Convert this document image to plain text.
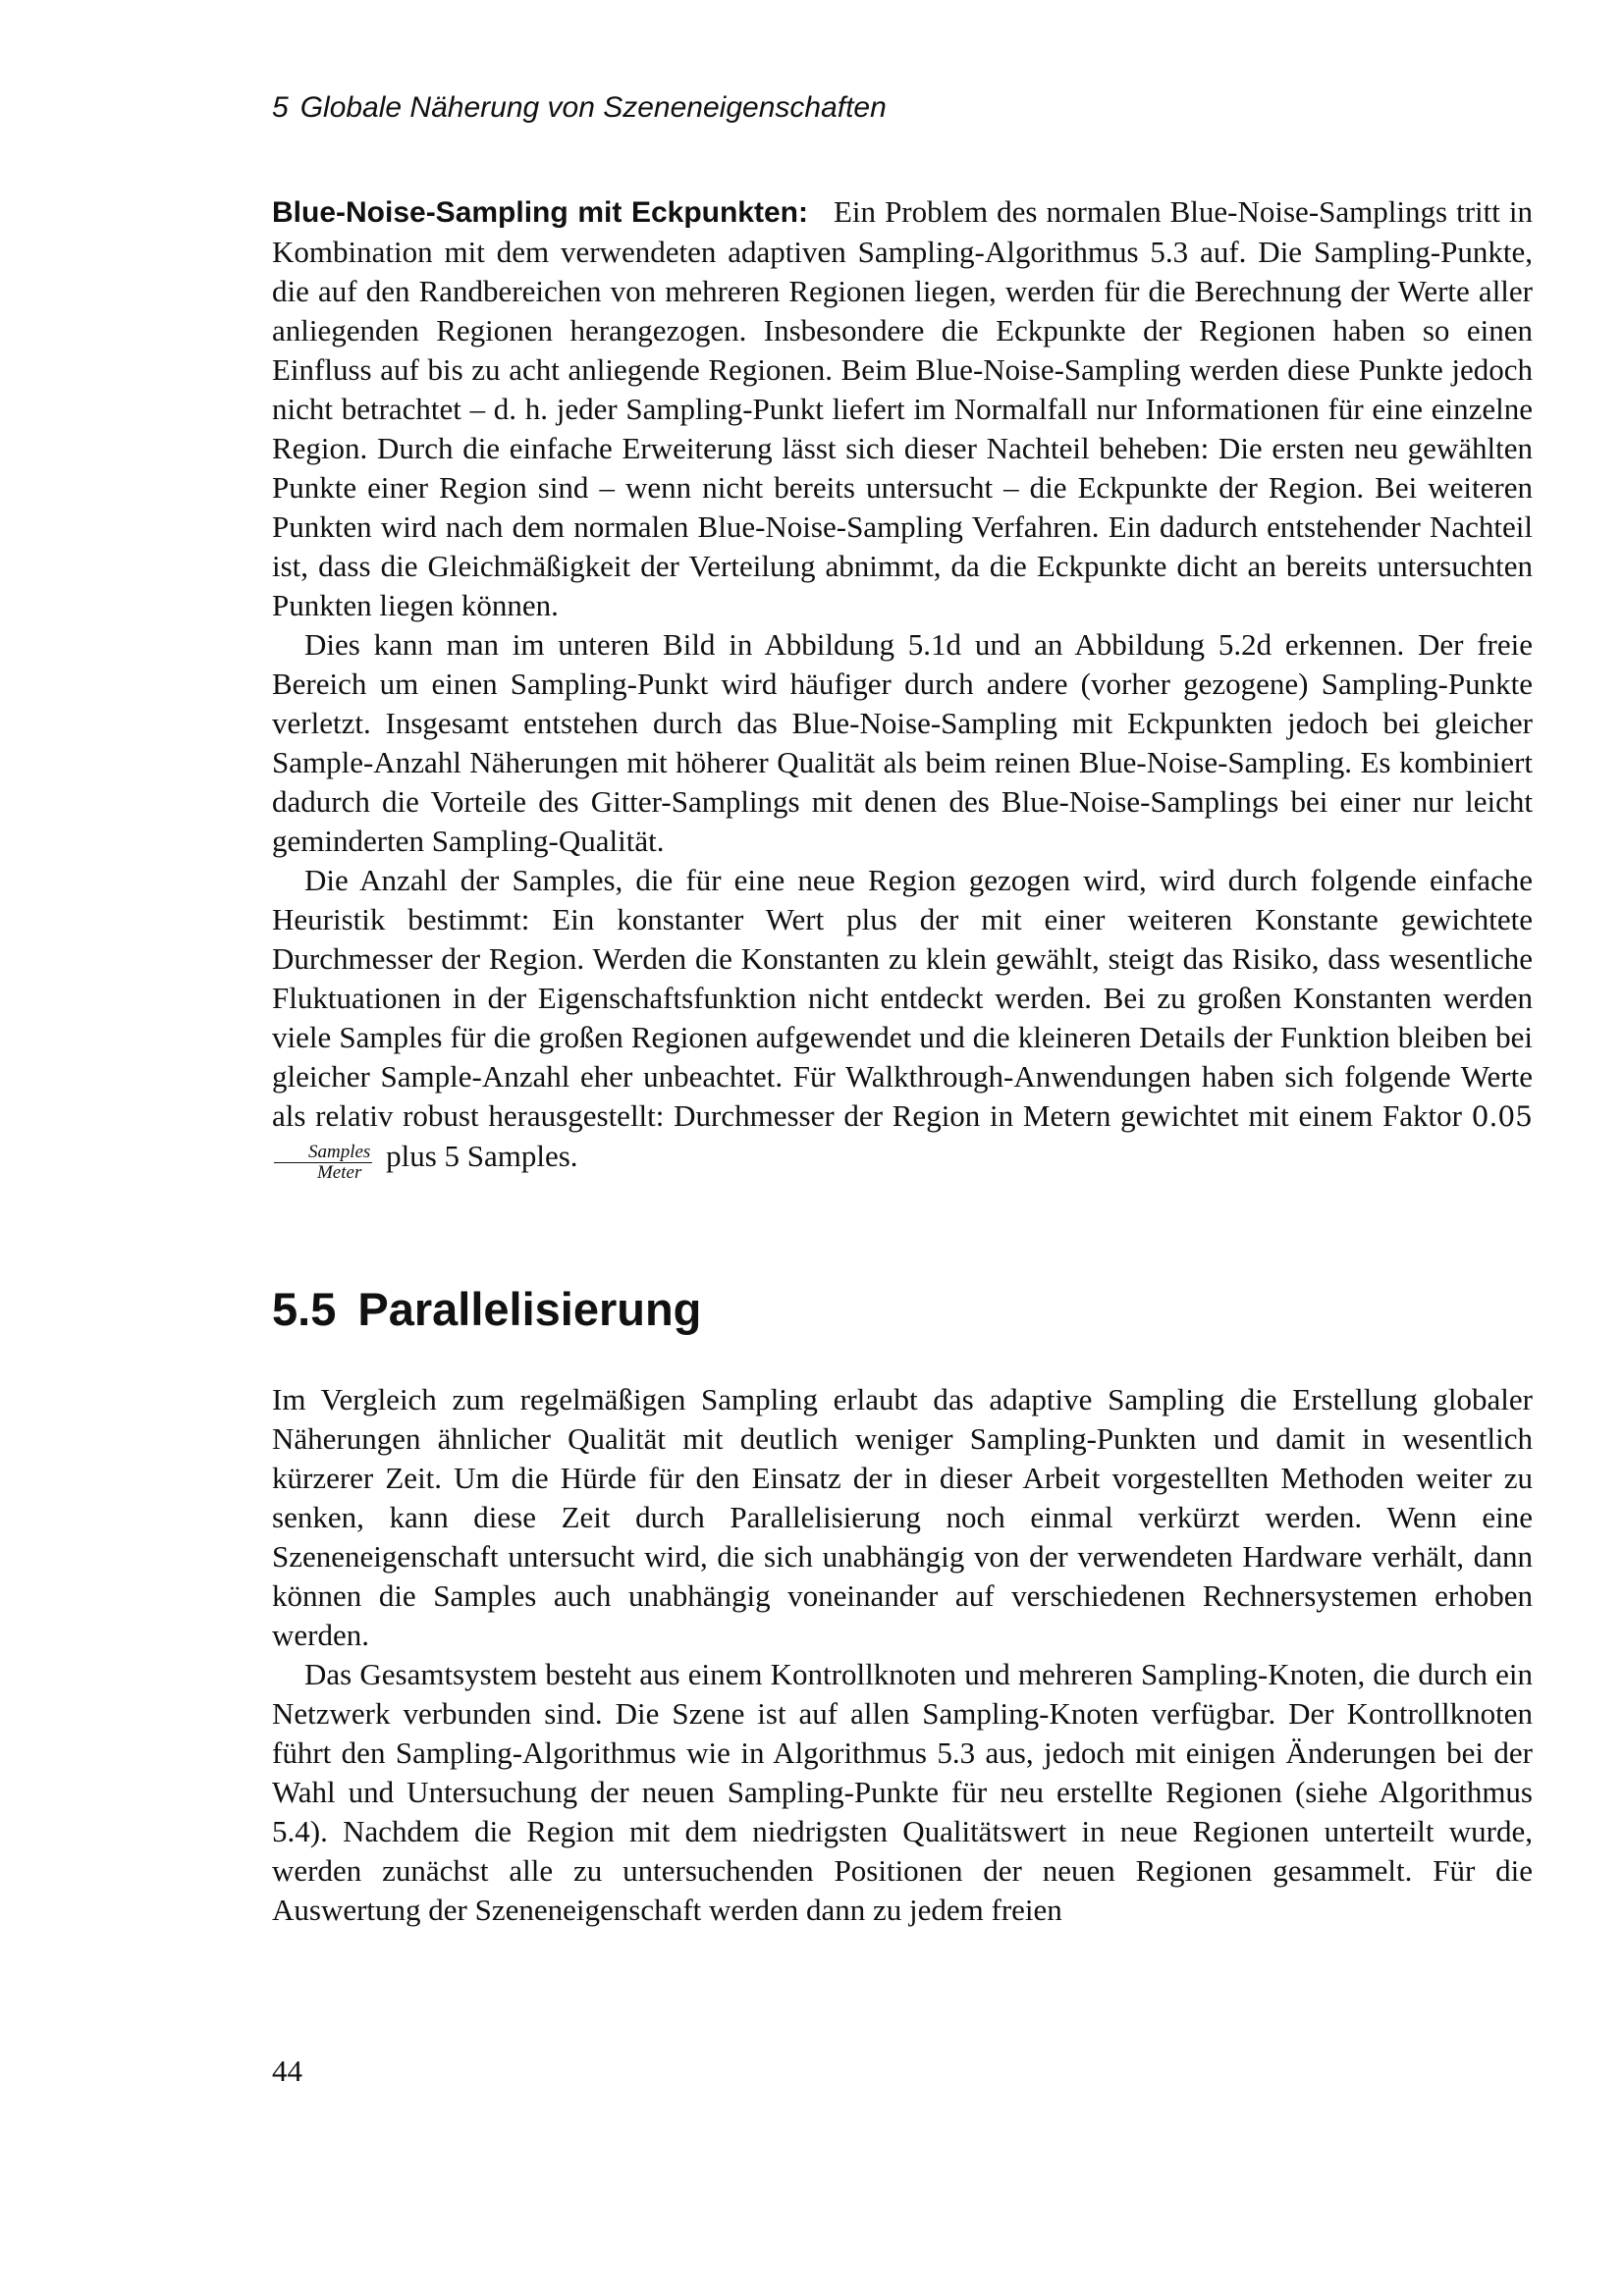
5 Globale Näherung von Szeneneigenschaften

Blue-Noise-Sampling mit Eckpunkten: Ein Problem des normalen Blue-Noise-Samplings tritt in Kombination mit dem verwendeten adaptiven Sampling-Algorithmus 5.3 auf. Die Sampling-Punkte, die auf den Randbereichen von mehreren Regionen liegen, werden für die Berechnung der Werte aller anliegenden Regionen herangezogen. Insbesondere die Eckpunkte der Regionen haben so einen Einfluss auf bis zu acht anliegende Regionen. Beim Blue-Noise-Sampling werden diese Punkte jedoch nicht betrachtet – d. h. jeder Sampling-Punkt liefert im Normalfall nur Informationen für eine einzelne Region. Durch die einfache Erweiterung lässt sich dieser Nachteil beheben: Die ersten neu gewählten Punkte einer Region sind – wenn nicht bereits untersucht – die Eckpunkte der Region. Bei weiteren Punkten wird nach dem normalen Blue-Noise-Sampling Verfahren. Ein dadurch entstehender Nachteil ist, dass die Gleichmäßigkeit der Verteilung abnimmt, da die Eckpunkte dicht an bereits untersuchten Punkten liegen können.

Dies kann man im unteren Bild in Abbildung 5.1d und an Abbildung 5.2d erkennen. Der freie Bereich um einen Sampling-Punkt wird häufiger durch andere (vorher gezogene) Sampling-Punkte verletzt. Insgesamt entstehen durch das Blue-Noise-Sampling mit Eckpunkten jedoch bei gleicher Sample-Anzahl Näherungen mit höherer Qualität als beim reinen Blue-Noise-Sampling. Es kombiniert dadurch die Vorteile des Gitter-Samplings mit denen des Blue-Noise-Samplings bei einer nur leicht geminderten Sampling-Qualität.

Die Anzahl der Samples, die für eine neue Region gezogen wird, wird durch folgende einfache Heuristik bestimmt: Ein konstanter Wert plus der mit einer weiteren Konstante gewichtete Durchmesser der Region. Werden die Konstanten zu klein gewählt, steigt das Risiko, dass wesentliche Fluktuationen in der Eigenschaftsfunktion nicht entdeckt werden. Bei zu großen Konstanten werden viele Samples für die großen Regionen aufgewendet und die kleineren Details der Funktion bleiben bei gleicher Sample-Anzahl eher unbeachtet. Für Walkthrough-Anwendungen haben sich folgende Werte als relativ robust herausgestellt: Durchmesser der Region in Metern gewichtet mit einem Faktor 0.05
$\frac{\text{Samples}}{\text{Meter}}$ plus 5 Samples.

5.5 Parallelisierung

Im Vergleich zum regelmäßigen Sampling erlaubt das adaptive Sampling die Erstellung globaler Näherungen ähnlicher Qualität mit deutlich weniger Sampling-Punkten und damit in wesentlich kürzerer Zeit. Um die Hürde für den Einsatz der in dieser Arbeit vorgestellten Methoden weiter zu senken, kann diese Zeit durch Parallelisierung noch einmal verkürzt werden. Wenn eine Szeneneigenschaft untersucht wird, die sich unabhängig von der verwendeten Hardware verhält, dann können die Samples auch unabhängig voneinander auf verschiedenen Rechnersystemen erhoben werden.

Das Gesamtsystem besteht aus einem Kontrollknoten und mehreren Sampling-Knoten, die durch ein Netzwerk verbunden sind. Die Szene ist auf allen Sampling-Knoten verfügbar. Der Kontrollknoten führt den Sampling-Algorithmus wie in Algorithmus 5.3 aus, jedoch mit einigen Änderungen bei der Wahl und Untersuchung der neuen Sampling-Punkte für neu erstellte Regionen (siehe Algorithmus 5.4). Nachdem die Region mit dem niedrigsten Qualitätswert in neue Regionen unterteilt wurde, werden zunächst alle zu untersuchenden Positionen der neuen Regionen gesammelt. Für die Auswertung der Szeneneigenschaft werden dann zu jedem freien

44
